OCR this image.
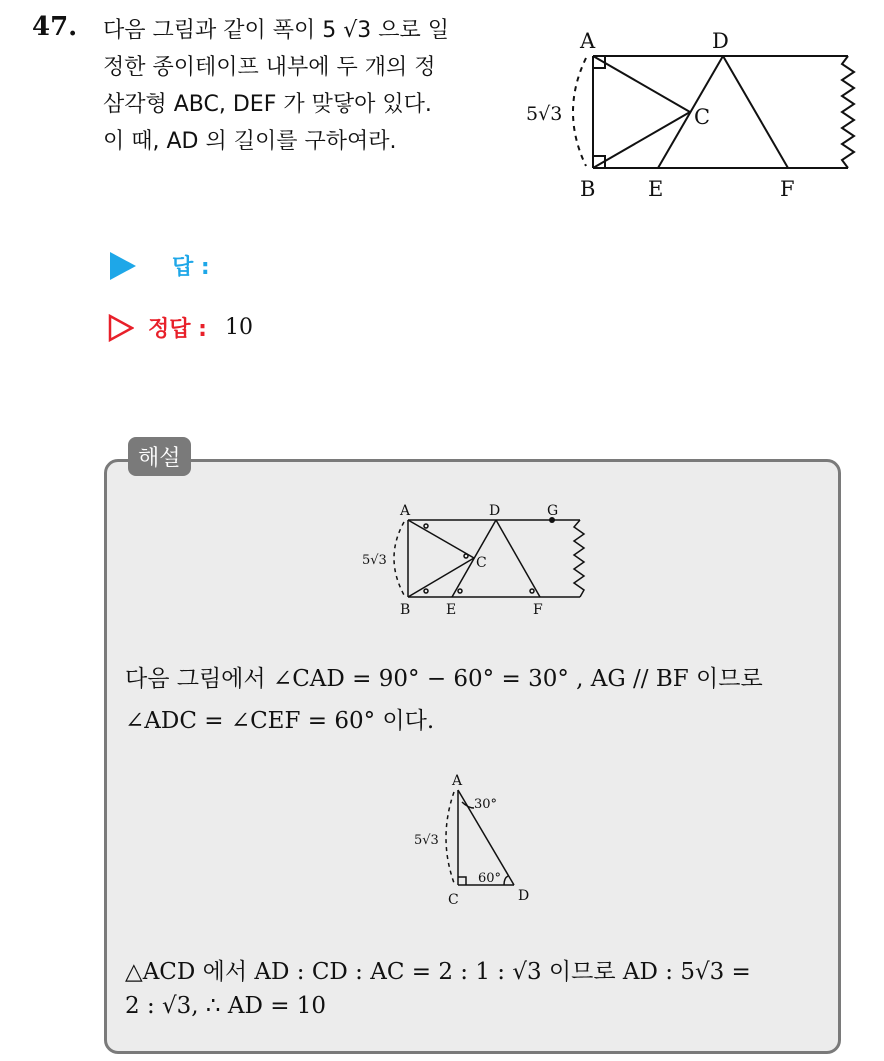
47. 다음 그림과 같이 폭이 5 √3 으로 일
정한 종이테이프 내부에 두 개의 정
삼각형 ABC, DEF 가 맞닿아 있다.
이 때, AD 의 길이를 구하여라.
A	D
C
B	E	F
5√3
답 :
정답 : 10
해설
A	D	G
C
B	E	F
5√3
다음 그림에서 ∠CAD = 90° − 60° = 30° , AG // BF 이므로
∠ADC = ∠CEF = 60° 이다.
A
C	D
5√3
30°
60°
△ACD 에서 AD : CD : AC = 2 : 1 : √3 이므로 AD : 5√3 =
2 : √3, ∴ AD = 10
